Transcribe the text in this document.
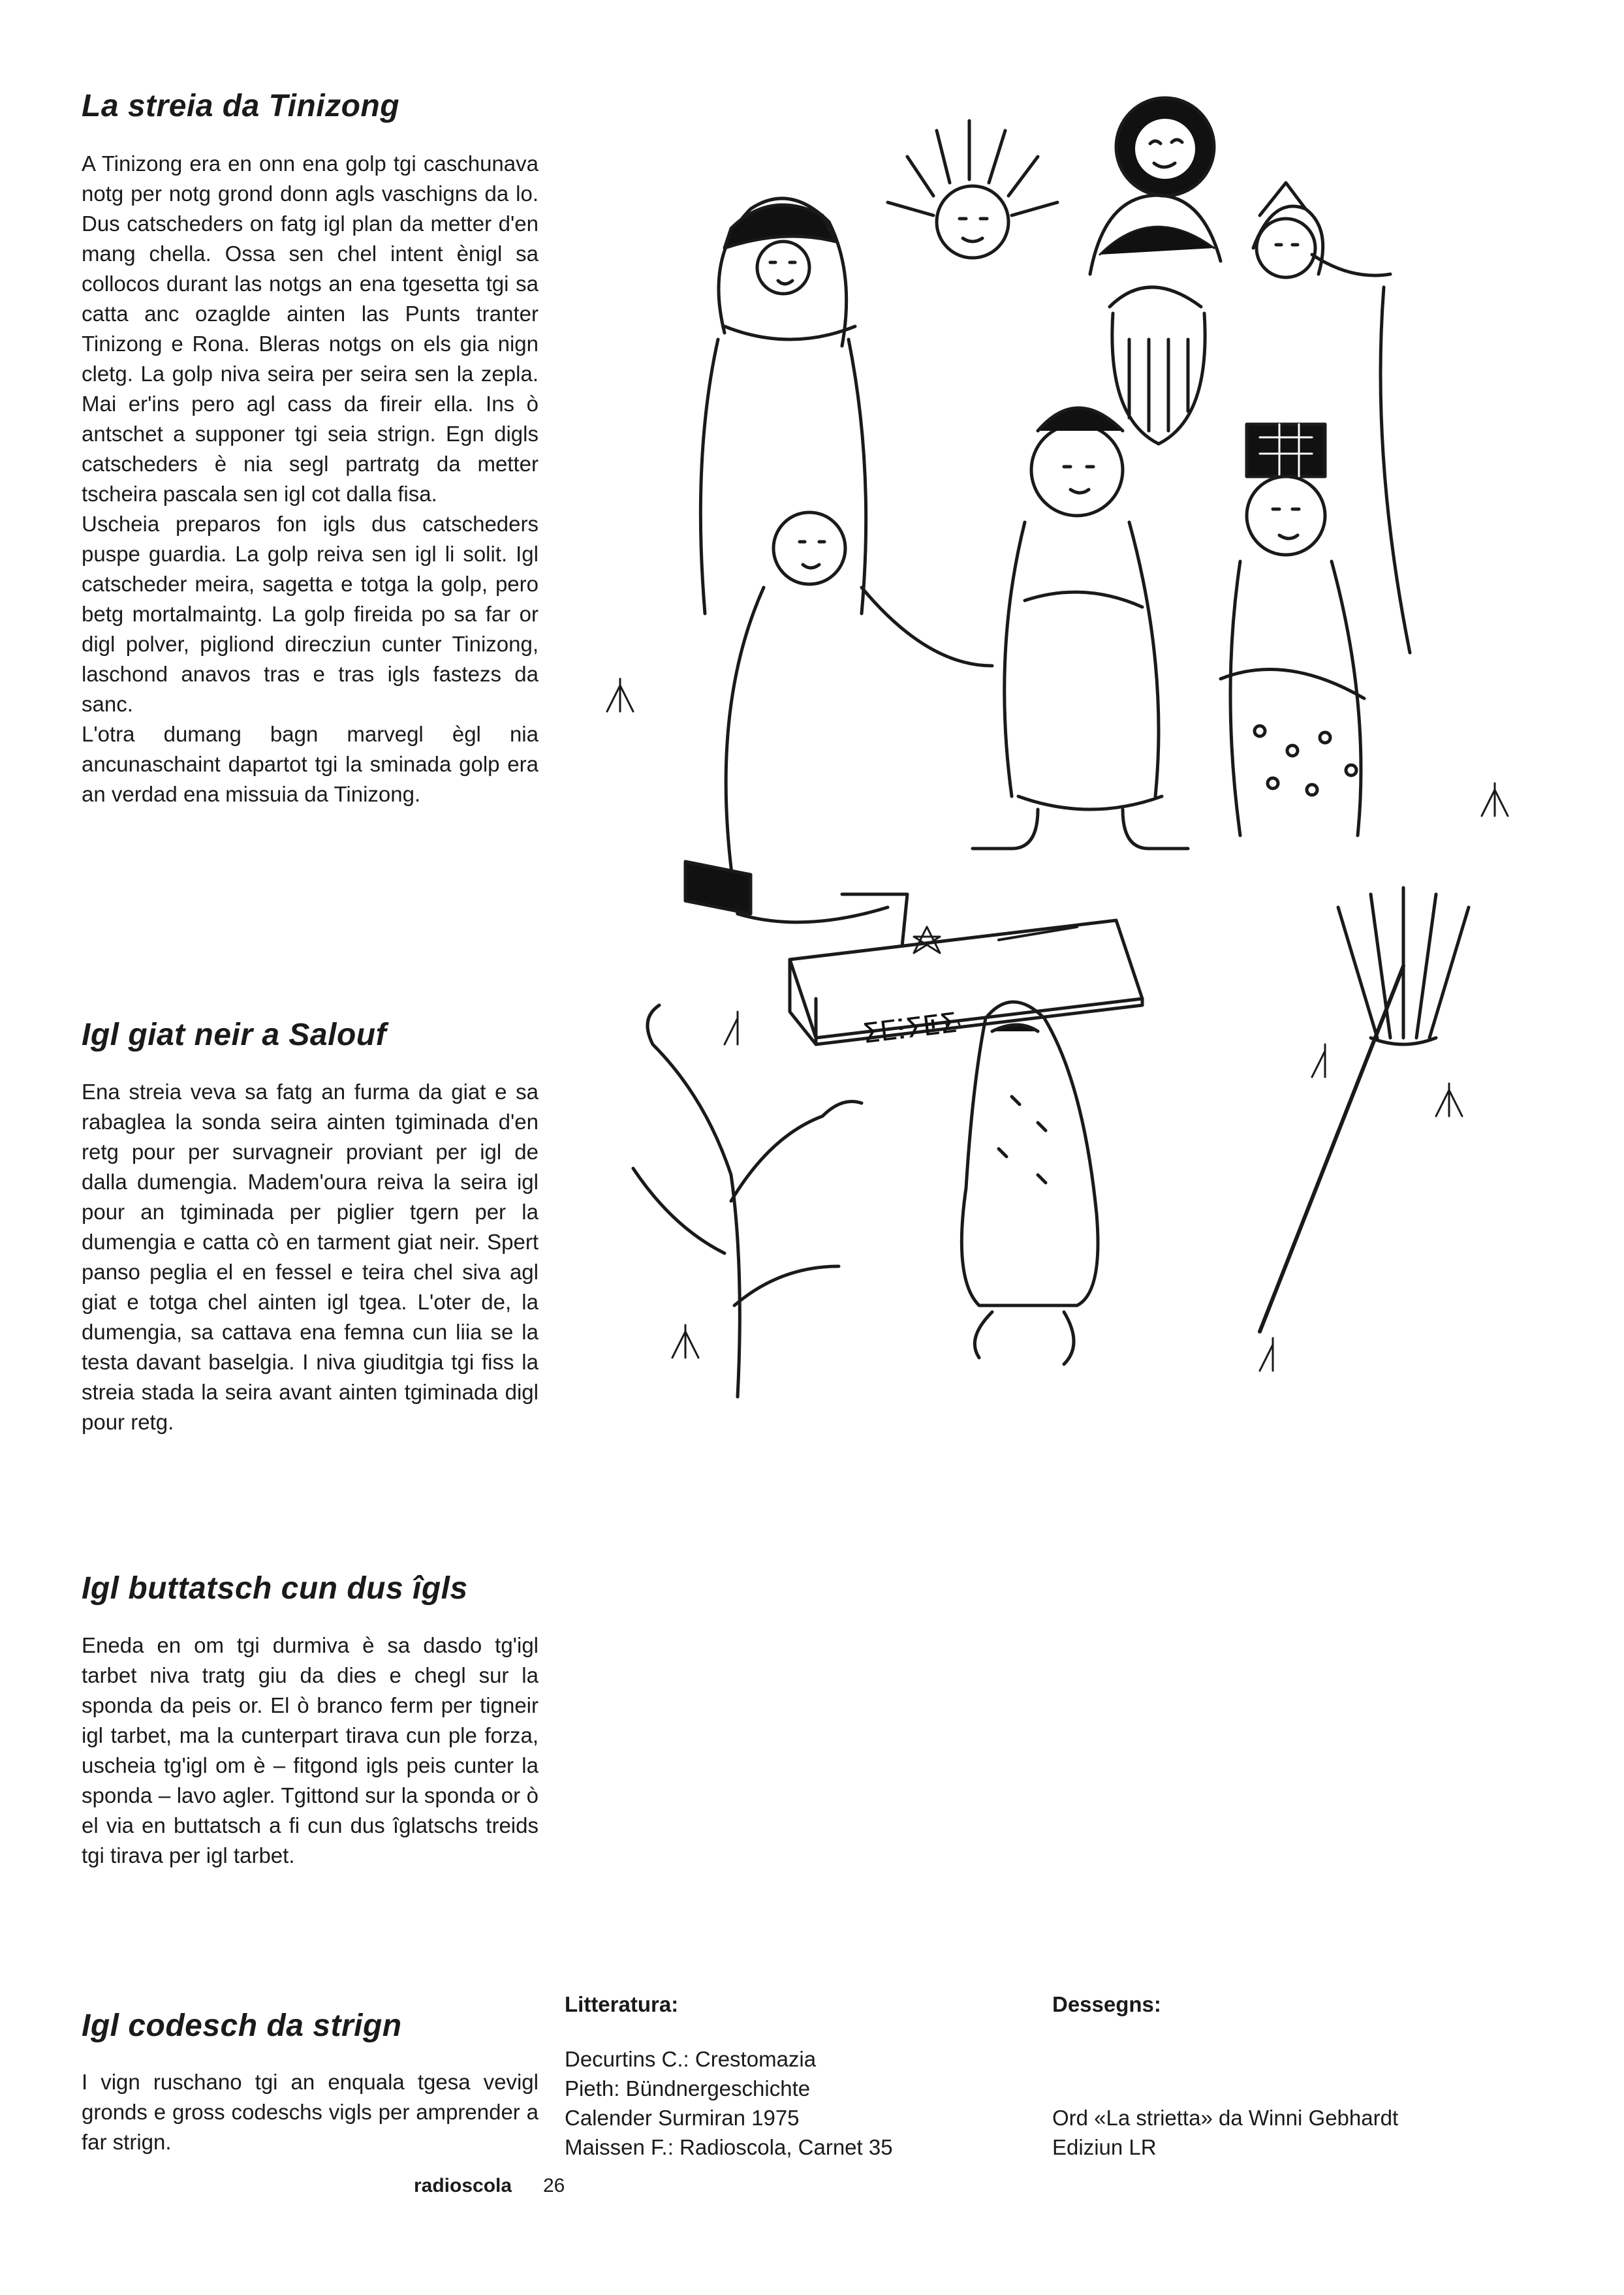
La streia da Tinizong

A Tinizong era en onn ena golp tgi caschunava notg per notg grond donn agls vaschigns da lo. Dus catscheders on fatg igl plan da metter d'en mang chella. Ossa sen chel intent ènigl sa collocos durant las notgs an ena tgesetta tgi sa catta anc ozaglde ainten las Punts tranter Tinizong e Rona. Bleras notgs on els gia nign cletg. La golp niva seira per seira sen la zepla. Mai er'ins pero agl cass da fireir ella. Ins ò antschet a supponer tgi seia strign. Egn digls catscheders è nia segl partratg da metter tscheira pascala sen igl cot dalla fisa.

Uscheia preparos fon igls dus catscheders puspe guardia. La golp reiva sen igl li solit. Igl catscheder meira, sagetta e totga la golp, pero betg mortalmaintg. La golp fireida po sa far or digl polver, pigliond direcziun cunter Tinizong, laschond anavos tras e tras igls fastezs da sanc.

L'otra dumang bagn marvegl ègl nia ancunaschaint dapartot tgi la sminada golp era an verdad ena missuia da Tinizong.

Igl giat neir a Salouf

Ena streia veva sa fatg an furma da giat e sa rabaglea la sonda seira ainten tgiminada d'en retg pour per survagneir proviant per igl de dalla dumengia. Madem'oura reiva la seira igl pour an tgiminada per piglier tgern per la dumengia e catta cò en tarment giat neir. Spert panso peglia el en fessel e teira chel siva agl giat e totga chel ainten igl tgea. L'oter de, la dumengia, sa cattava ena femna cun liia se la testa davant baselgia. I niva giuditgia tgi fiss la streia stada la seira avant ainten tgiminada digl pour retg.

Igl buttatsch cun dus îgls

Eneda en om tgi durmiva è sa dasdo tg'igl tarbet niva tratg giu da dies e chegl sur la sponda da peis or. El ò branco ferm per tigneir igl tarbet, ma la cunterpart tirava cun ple forza, uscheia tg'igl om è – fitgond igls peis cunter la sponda – lavo agler. Tgittond sur la sponda or ò el via en buttatsch a fi cun dus îglatschs treids tgi tirava per igl tarbet.

Igl codesch da strign

I vign ruschano tgi an enquala tgesa vevigl gronds e gross codeschs vigls per amprender a far strign.

ⵉⵎⵗⵢⵟⵉ
Litteratura:
Decurtins C.: Crestomazia
Pieth: Bündnergeschichte
Calender Surmiran 1975
Maissen F.: Radioscola, Carnet 35
Dessegns:
Ord «La strietta» da Winni Gebhardt
Ediziun LR
radioscola 26
